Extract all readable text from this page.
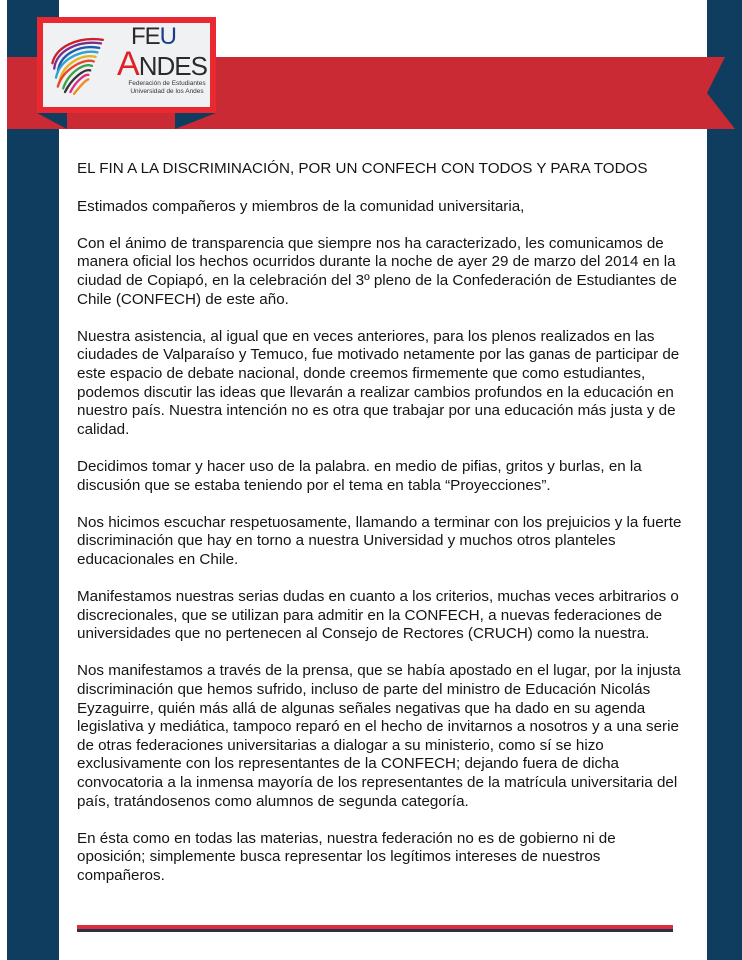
FEU
ANDES
Federación de Estudiantes
Universidad de los Andes

EL FIN A LA DISCRIMINACIÓN, POR UN CONFECH CON TODOS Y PARA TODOS

Estimados compañeros y miembros de la comunidad universitaria,

Con el ánimo de transparencia que siempre nos ha caracterizado, les comunicamos de manera oficial los hechos ocurridos durante la noche de ayer 29 de marzo del 2014 en la ciudad de Copiapó, en la celebración del 3º pleno de la Confederación de Estudiantes de Chile (CONFECH) de este año.

Nuestra asistencia, al igual que en veces anteriores, para los plenos realizados en las ciudades de Valparaíso y Temuco, fue motivado netamente por las ganas de participar de este espacio de debate nacional, donde creemos firmemente que como estudiantes, podemos discutir las ideas que llevarán a realizar cambios profundos en la educación en nuestro país. Nuestra intención no es otra que trabajar por una educación más justa y de calidad.

Decidimos tomar y hacer uso de la palabra. en medio de pifias, gritos y burlas, en la discusión que se estaba teniendo por el tema en tabla “Proyecciones”.

Nos hicimos escuchar respetuosamente, llamando a terminar con los prejuicios y la fuerte discriminación que hay en torno a nuestra Universidad y muchos otros planteles educacionales en Chile.

Manifestamos nuestras serias dudas en cuanto a los criterios, muchas veces arbitrarios o discrecionales, que se utilizan para admitir en la CONFECH, a nuevas federaciones de universidades que no pertenecen al Consejo de Rectores (CRUCH) como la nuestra.

Nos manifestamos a través de la prensa, que se había apostado en el lugar, por la injusta discriminación que hemos sufrido, incluso de parte del ministro de Educación Nicolás Eyzaguirre, quién más allá de algunas señales negativas que ha dado en su agenda legislativa y mediática, tampoco reparó en el hecho de invitarnos a nosotros y a una serie de otras federaciones universitarias a dialogar a su ministerio, como sí se hizo exclusivamente con los representantes de la CONFECH; dejando fuera de dicha convocatoria a la inmensa mayoría de los representantes de la matrícula universitaria del país, tratándosenos como alumnos de segunda categoría.

En ésta como en todas las materias, nuestra federación no es de gobierno ni de oposición; simplemente busca representar los legítimos intereses de nuestros compañeros.
